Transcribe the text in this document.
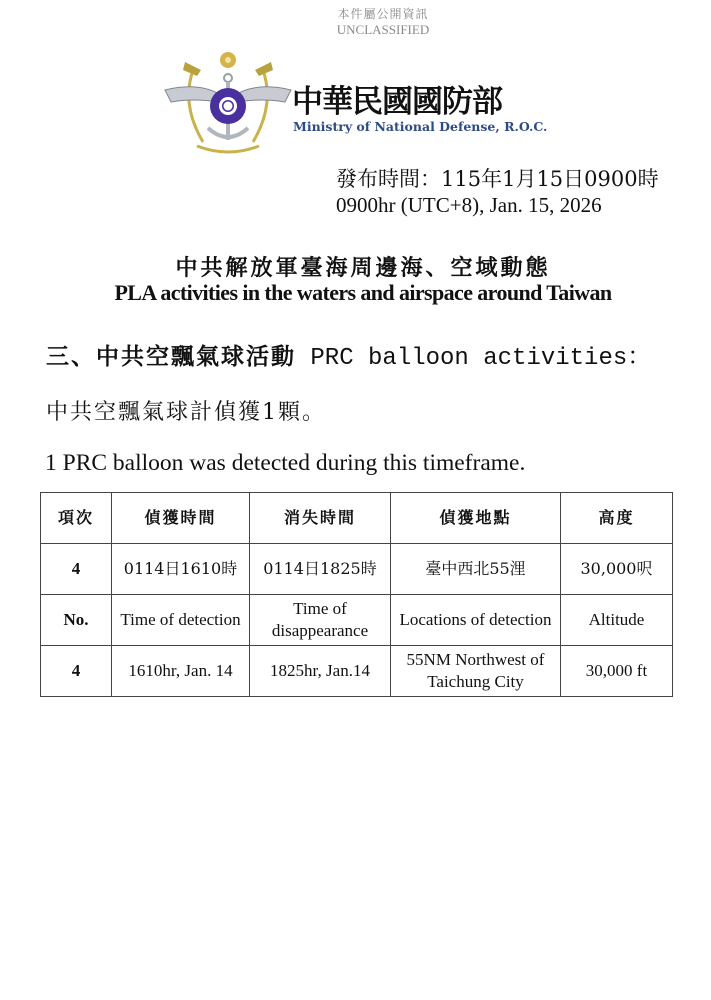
本件屬公開資訊
UNCLASSIFIED
中華民國國防部
Ministry of National Defense, R.O.C.
發布時間：115年1月15日0900時
0900hr (UTC+8), Jan. 15, 2026
中共解放軍臺海周邊海、空域動態
PLA activities in the waters and airspace around Taiwan
三、中共空飄氣球活動 PRC balloon activities：
中共空飄氣球計偵獲1顆。
1 PRC balloon was detected during this timeframe.
項次	偵獲時間	消失時間	偵獲地點	高度
4	0114日1610時	0114日1825時	臺中西北55浬	30,000呎
No.	Time of detection	Time of disappearance	Locations of detection	Altitude
4	1610hr, Jan. 14	1825hr, Jan.14	55NM Northwest of Taichung City	30,000 ft
